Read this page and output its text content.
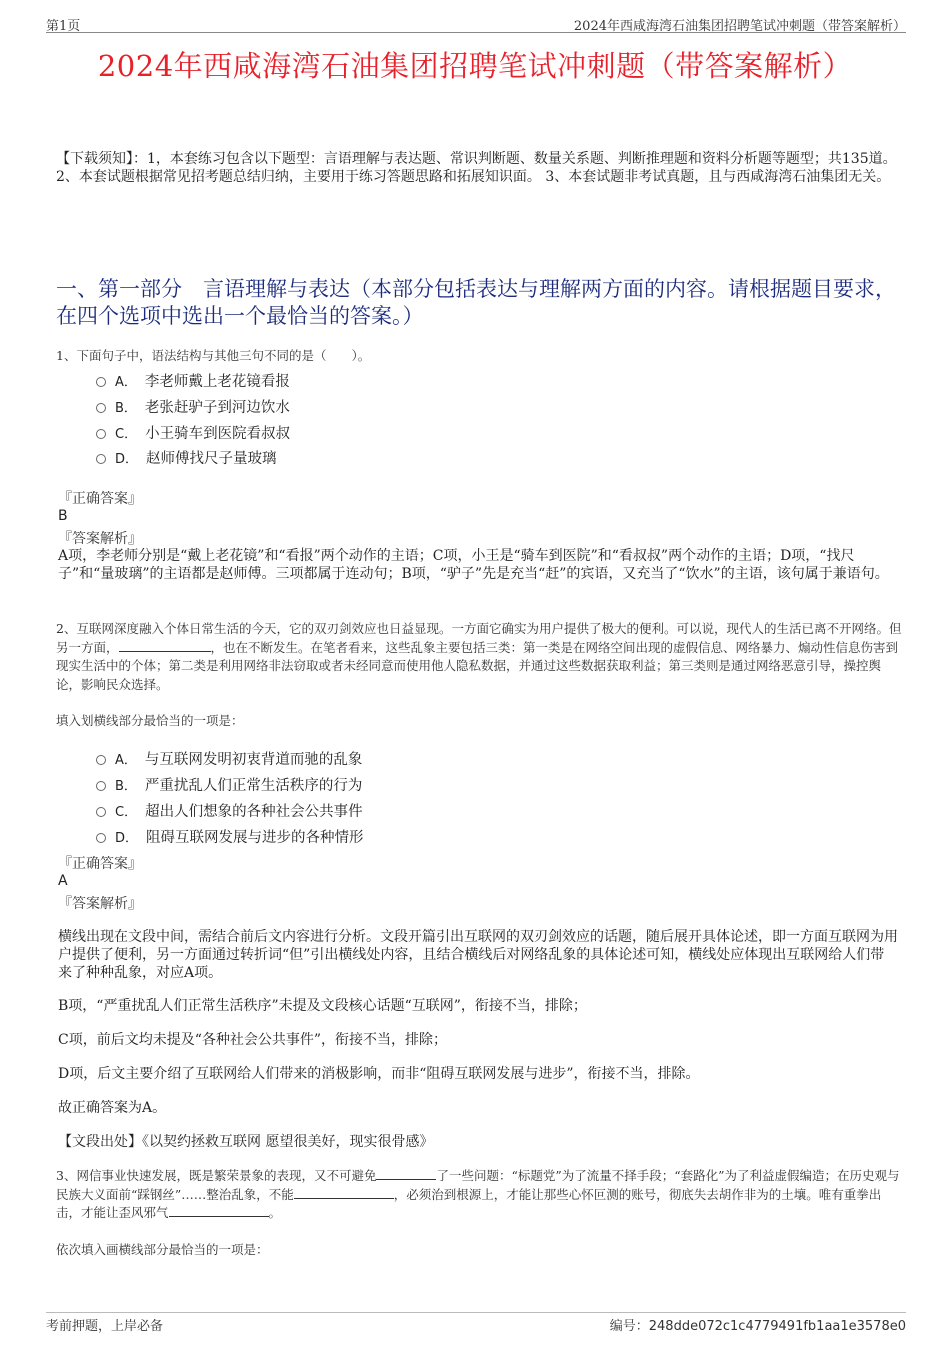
第1页	2024年西咸海湾石油集团招聘笔试冲刺题（带答案解析）
2024年西咸海湾石油集团招聘笔试冲刺题（带答案解析）
【下载须知】：1，本套练习包含以下题型：言语理解与表达题、常识判断题、数量关系题、判断推理题和资料分析题等题型；共135道。 2、本套试题根据常见招考题总结归纳，主要用于练习答题思路和拓展知识面。 3、本套试题非考试真题，且与西咸海湾石油集团无关。
一、第一部分　言语理解与表达（本部分包括表达与理解两方面的内容。请根据题目要求，在四个选项中选出一个最恰当的答案。）
1、下面句子中，语法结构与其他三句不同的是（　　）。
A． 李老师戴上老花镜看报
B． 老张赶驴子到河边饮水
C． 小王骑车到医院看叔叔
D． 赵师傅找尺子量玻璃
『正确答案』
B
『答案解析』
A项，李老师分别是“戴上老花镜”和“看报”两个动作的主语；C项，小王是“骑车到医院”和“看叔叔”两个动作的主语；D项，“找尺子”和“量玻璃”的主语都是赵师傅。三项都属于连动句；B项，“驴子”先是充当“赶”的宾语，又充当了“饮水”的主语，该句属于兼语句。
2、互联网深度融入个体日常生活的今天，它的双刃剑效应也日益显现。一方面它确实为用户提供了极大的便利。可以说，现代人的生活已离不开网络。但另一方面，	，也在不断发生。在笔者看来，这些乱象主要包括三类：第一类是在网络空间出现的虚假信息、网络暴力、煽动性信息伤害到现实生活中的个体；第二类是利用网络非法窃取或者未经同意而使用他人隐私数据，并通过这些数据获取利益；第三类则是通过网络恶意引导，操控舆论，影响民众选择。
填入划横线部分最恰当的一项是：
A． 与互联网发明初衷背道而驰的乱象
B． 严重扰乱人们正常生活秩序的行为
C． 超出人们想象的各种社会公共事件
D． 阻碍互联网发展与进步的各种情形
『正确答案』
A
『答案解析』
横线出现在文段中间，需结合前后文内容进行分析。文段开篇引出互联网的双刃剑效应的话题，随后展开具体论述，即一方面互联网为用户提供了便利，另一方面通过转折词“但”引出横线处内容，且结合横线后对网络乱象的具体论述可知，横线处应体现出互联网给人们带来了种种乱象，对应A项。
B项，“严重扰乱人们正常生活秩序”未提及文段核心话题“互联网”，衔接不当，排除；
C项，前后文均未提及“各种社会公共事件”，衔接不当，排除；
D项，后文主要介绍了互联网给人们带来的消极影响，而非“阻碍互联网发展与进步”，衔接不当，排除。
故正确答案为A。
【文段出处】《以契约拯救互联网 愿望很美好，现实很骨感》
3、网信事业快速发展，既是繁荣景象的表现，又不可避免	了一些问题：“标题党”为了流量不择手段；“套路化”为了利益虚假编造；在历史观与民族大义面前“踩钢丝”……整治乱象，不能	，必须治到根源上，才能让那些心怀叵测的账号，彻底失去胡作非为的土壤。唯有重拳出击，才能让歪风邪气	。
依次填入画横线部分最恰当的一项是：
考前押题，上岸必备	编号：248dde072c1c4779491fb1aa1e3578e0
